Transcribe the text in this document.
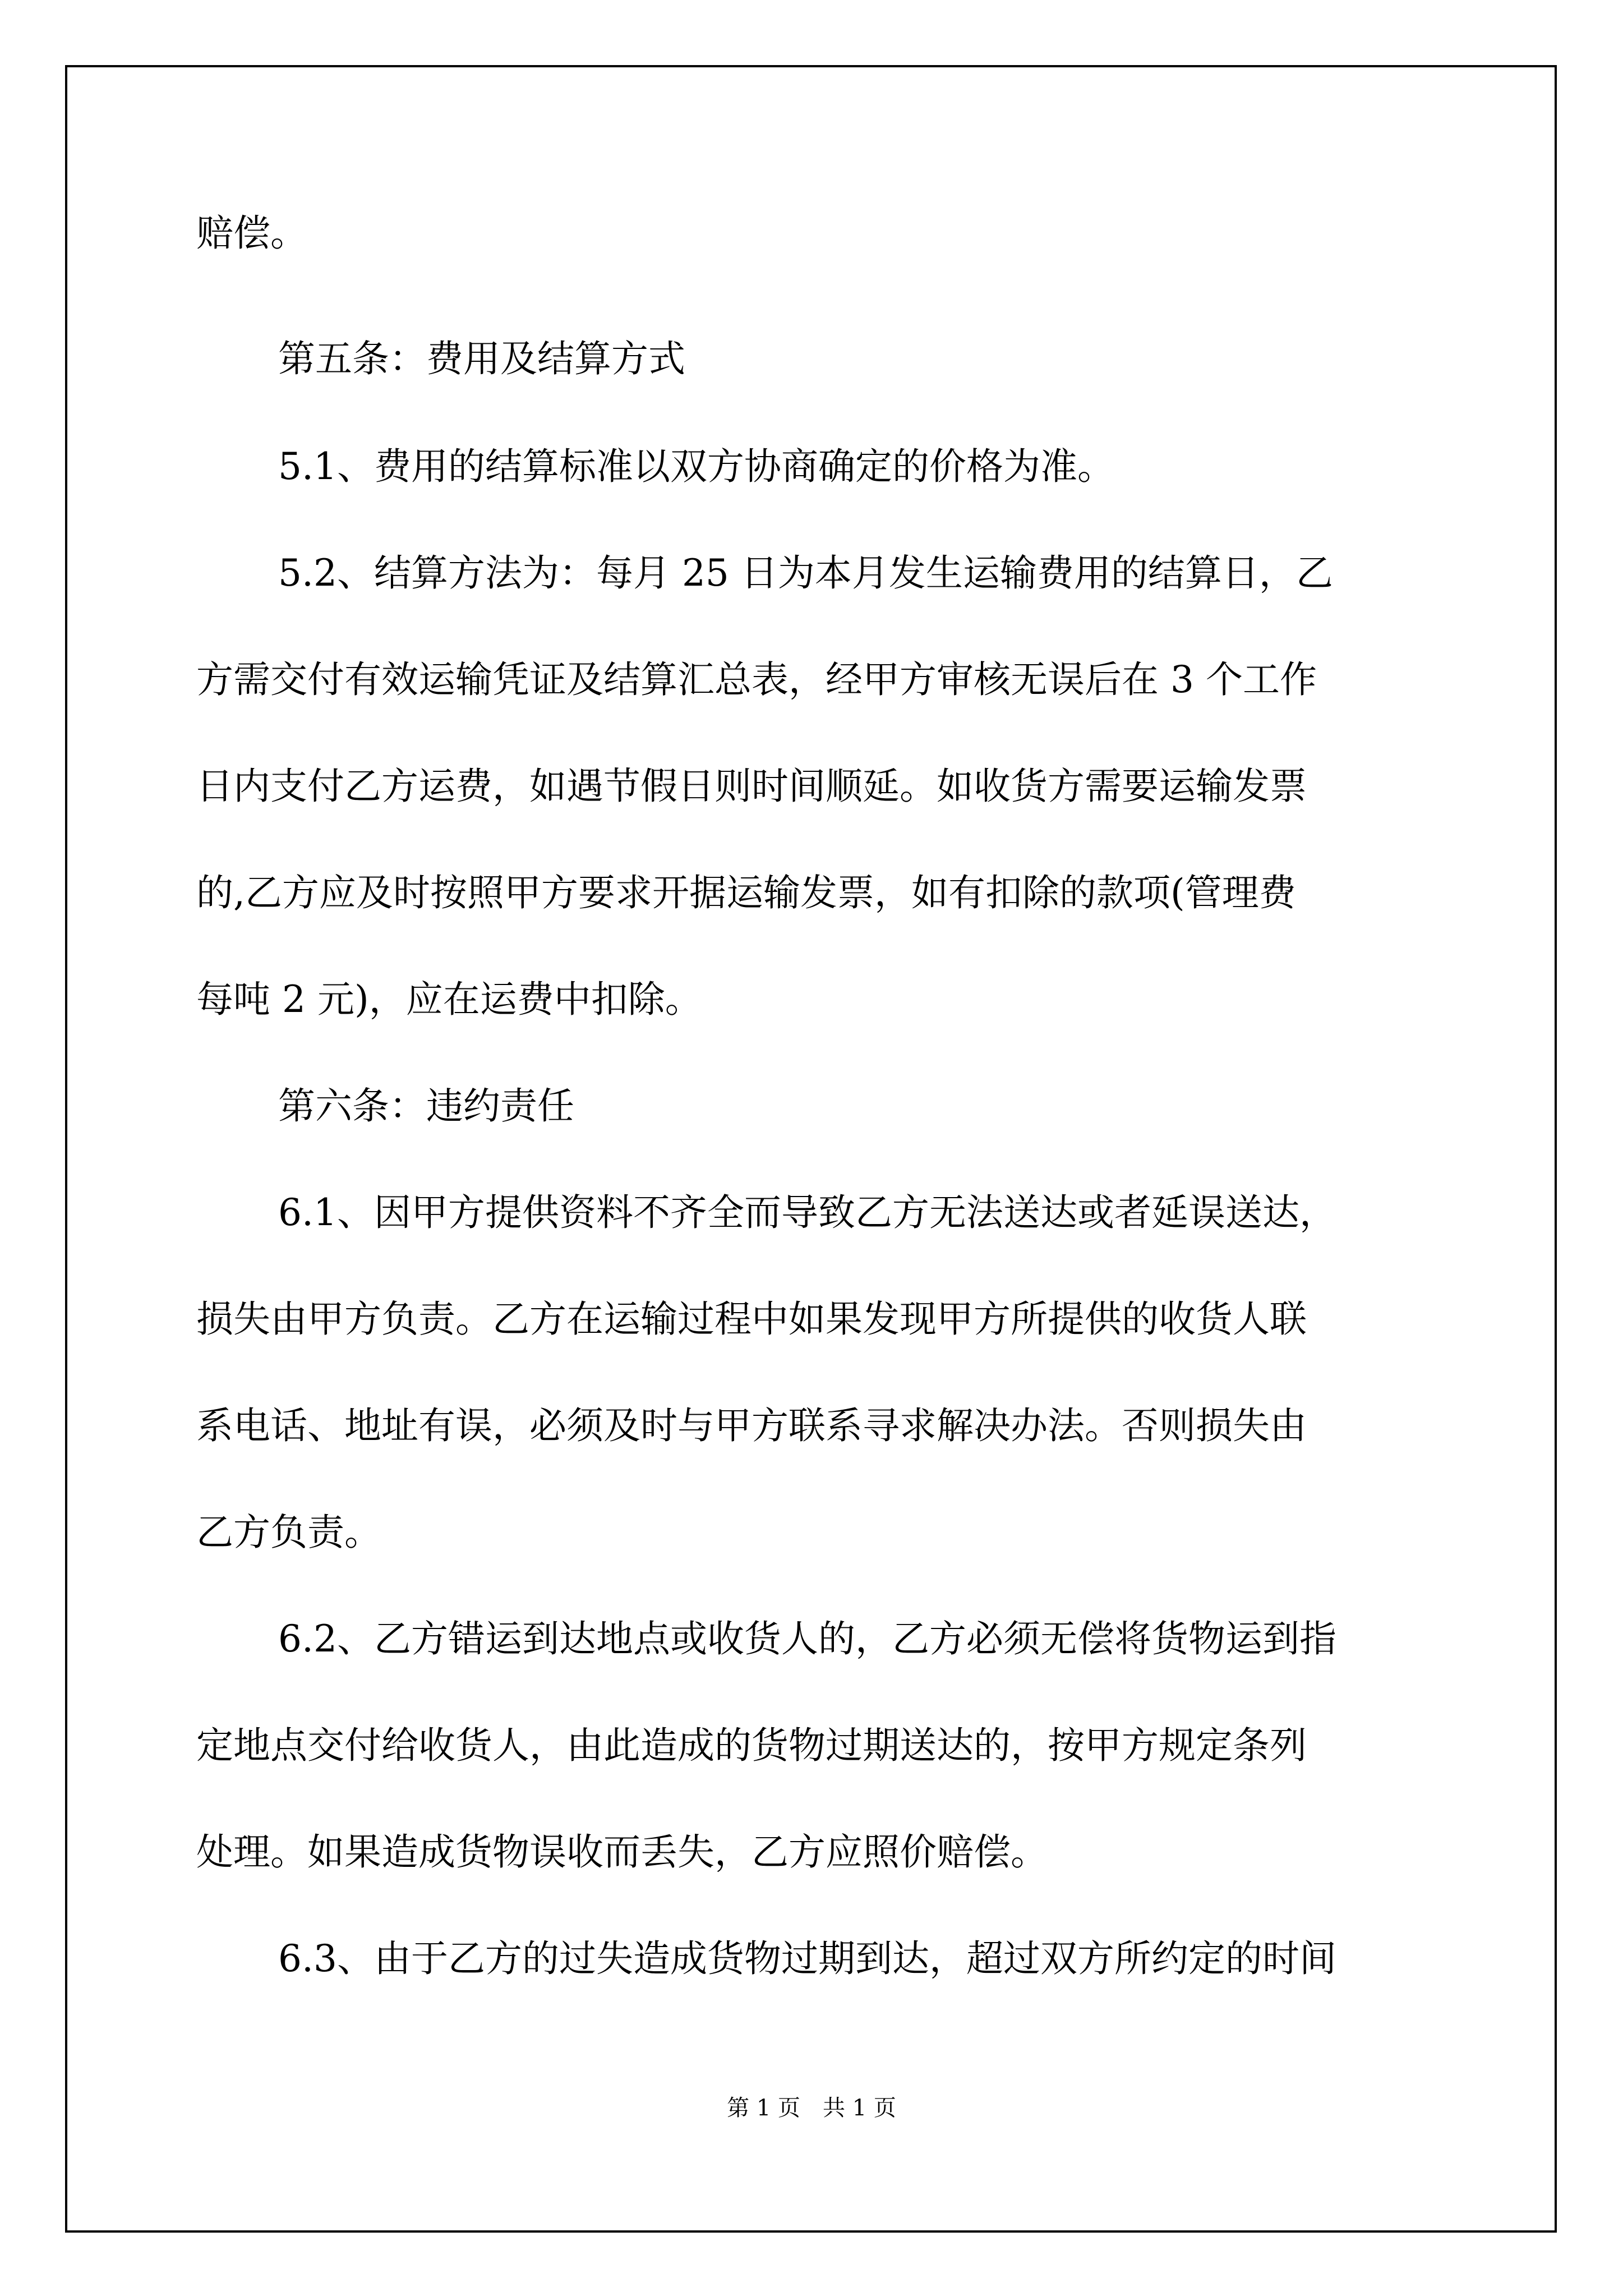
赔偿。

第五条：费用及结算方式

5.1、费用的结算标准以双方协商确定的价格为准。

5.2、结算方法为：每月 25 日为本月发生运输费用的结算日，乙

方需交付有效运输凭证及结算汇总表，经甲方审核无误后在 3 个工作

日内支付乙方运费，如遇节假日则时间顺延。如收货方需要运输发票

的,乙方应及时按照甲方要求开据运输发票，如有扣除的款项(管理费

每吨 2 元)，应在运费中扣除。

第六条：违约责任

6.1、因甲方提供资料不齐全而导致乙方无法送达或者延误送达，

损失由甲方负责。乙方在运输过程中如果发现甲方所提供的收货人联

系电话、地址有误，必须及时与甲方联系寻求解决办法。否则损失由

乙方负责。

6.2、乙方错运到达地点或收货人的，乙方必须无偿将货物运到指

定地点交付给收货人，由此造成的货物过期送达的，按甲方规定条列

处理。如果造成货物误收而丢失，乙方应照价赔偿。

6.3、由于乙方的过失造成货物过期到达，超过双方所约定的时间

第 1 页　共 1 页
